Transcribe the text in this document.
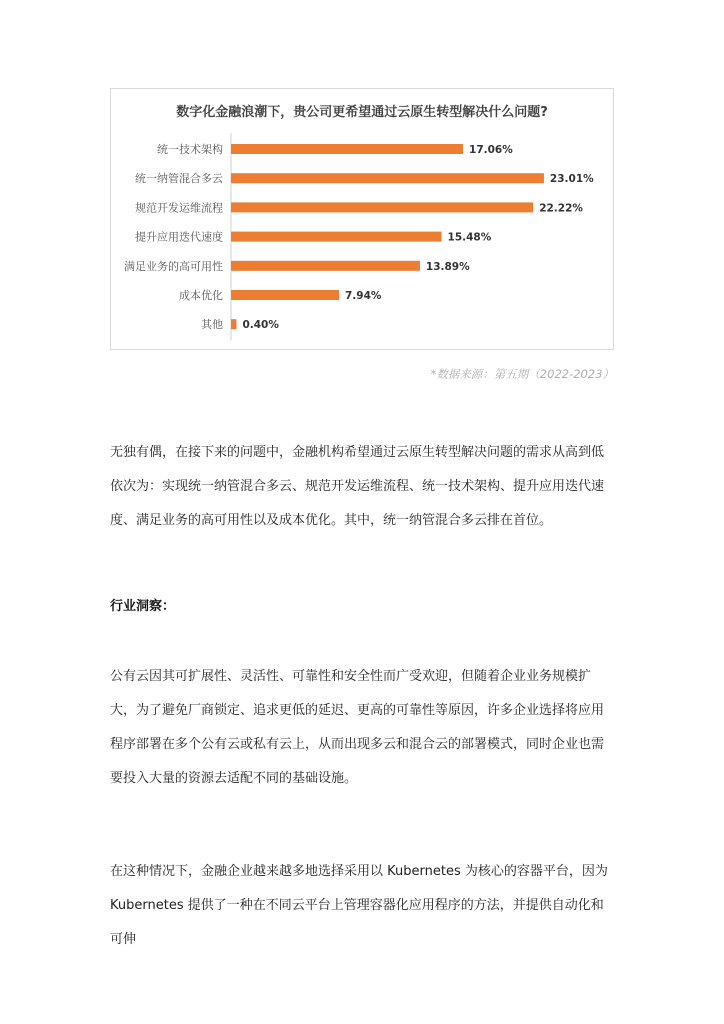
数字化金融浪潮下，贵公司更希望通过云原生转型解决什么问题?
统一技术架构	17.06%
统一纳管混合多云	23.01%
规范开发运维流程	22.22%
提升应用迭代速度	15.48%
满足业务的高可用性	13.89%
成本优化	7.94%
其他 0.40%
*数据来源：第五期（2022-2023）

无独有偶，在接下来的问题中，金融机构希望通过云原生转型解决问题的需求从高到低依次为：实现统一纳管混合多云、规范开发运维流程、统一技术架构、提升应用迭代速度、满足业务的高可用性以及成本优化。其中，统一纳管混合多云排在首位。

行业洞察：

公有云因其可扩展性、灵活性、可靠性和安全性而广受欢迎，但随着企业业务规模扩大，为了避免厂商锁定、追求更低的延迟、更高的可靠性等原因，许多企业选择将应用程序部署在多个公有云或私有云上，从而出现多云和混合云的部署模式，同时企业也需要投入大量的资源去适配不同的基础设施。

在这种情况下，金融企业越来越多地选择采用以 Kubernetes 为核心的容器平台，因为 Kubernetes 提供了一种在不同云平台上管理容器化应用程序的方法，并提供自动化和可伸
